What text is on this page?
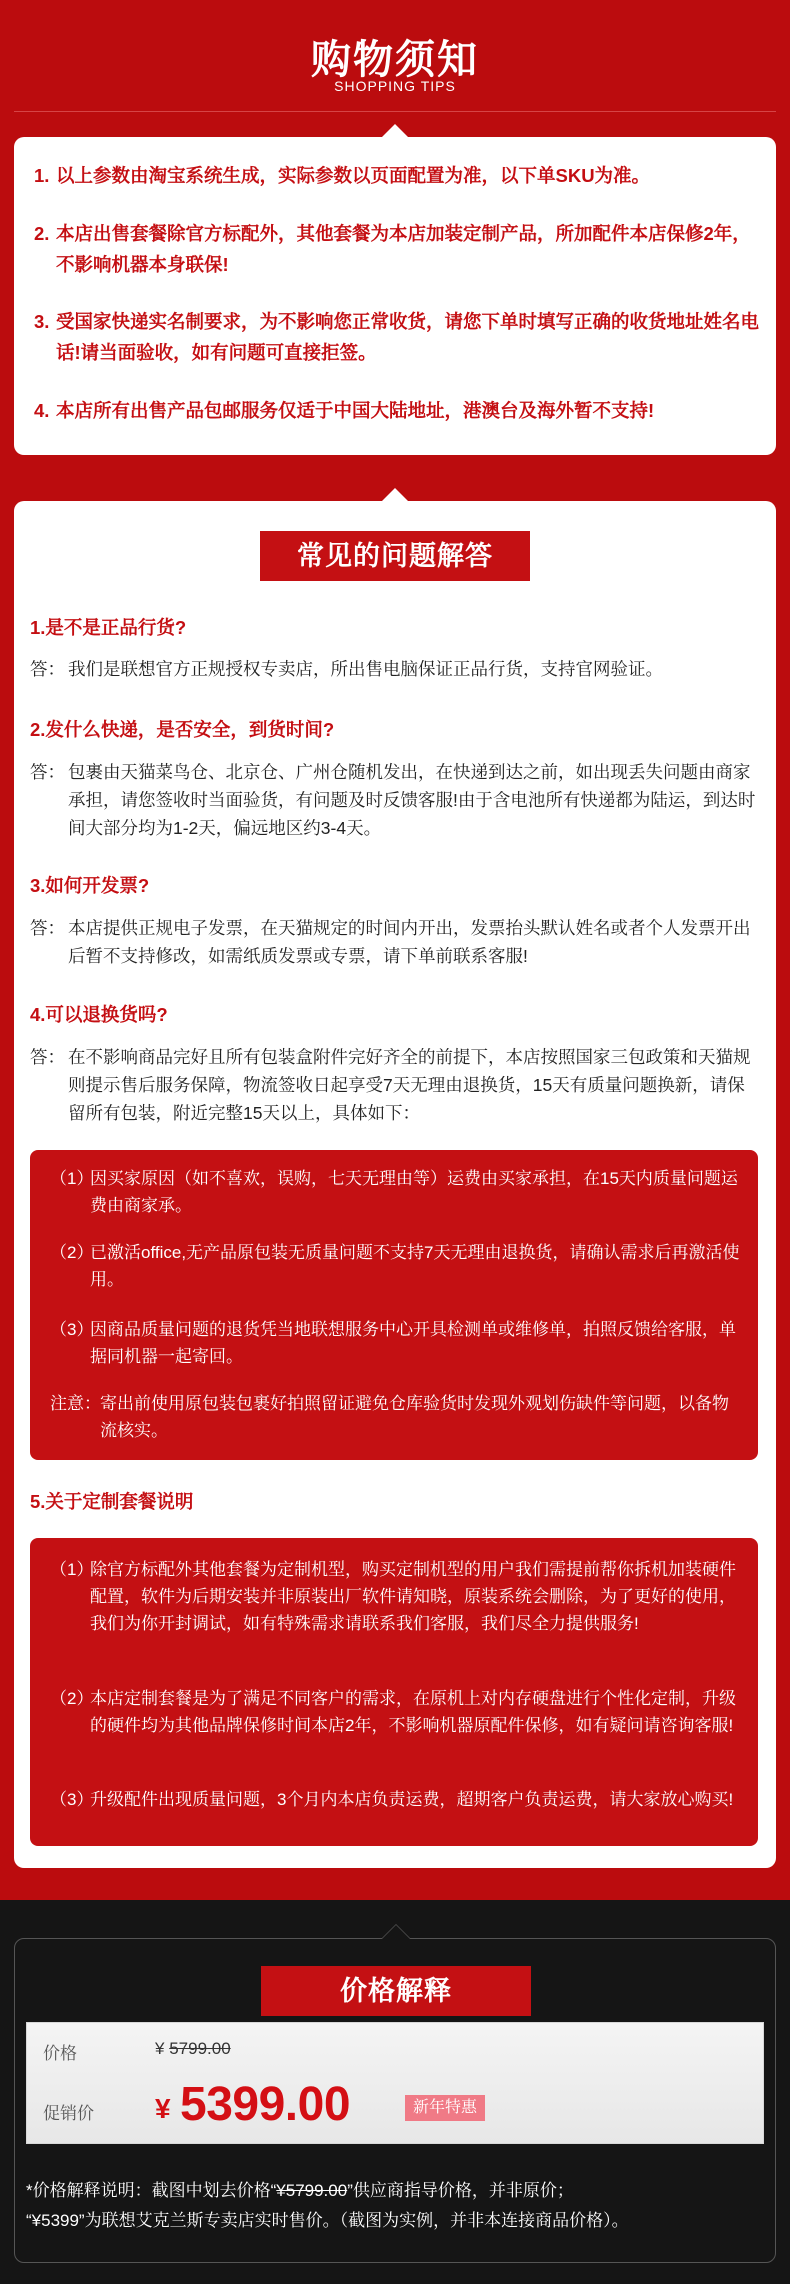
购物须知
SHOPPING TIPS
1. 以上参数由淘宝系统生成，实际参数以页面配置为准，以下单SKU为准。
2. 本店出售套餐除官方标配外，其他套餐为本店加装定制产品，所加配件本店保修2年，不影响机器本身联保!
3. 受国家快递实名制要求，为不影响您正常收货，请您下单时填写正确的收货地址姓名电话!请当面验收，如有问题可直接拒签。
4. 本店所有出售产品包邮服务仅适于中国大陆地址，港澳台及海外暂不支持!
常见的问题解答
1.是不是正品行货?
答： 我们是联想官方正规授权专卖店，所出售电脑保证正品行货，支持官网验证。
2.发什么快递，是否安全，到货时间?
答： 包裹由天猫菜鸟仓、北京仓、广州仓随机发出，在快递到达之前，如出现丢失问题由商家承担，请您签收时当面验货，有问题及时反馈客服!由于含电池所有快递都为陆运，到达时间大部分均为1-2天，偏远地区约3-4天。
3.如何开发票?
答： 本店提供正规电子发票，在天猫规定的时间内开出，发票抬头默认姓名或者个人发票开出后暂不支持修改，如需纸质发票或专票，请下单前联系客服!
4.可以退换货吗?
答： 在不影响商品完好且所有包装盒附件完好齐全的前提下，本店按照国家三包政策和天猫规则提示售后服务保障，物流签收日起享受7天无理由退换货，15天有质量问题换新，请保留所有包装，附近完整15天以上，具体如下：
（1）
因买家原因（如不喜欢，误购，七天无理由等）运费由买家承担，在15天内质量问题运费由商家承。
（2）
已激活office,无产品原包装无质量问题不支持7天无理由退换货，请确认需求后再激活使用。
（3）
因商品质量问题的退货凭当地联想服务中心开具检测单或维修单，拍照反馈给客服，单据同机器一起寄回。
注意： 寄出前使用原包装包裹好拍照留证避免仓库验货时发现外观划伤缺件等问题，以备物流核实。
5.关于定制套餐说明
（1）
除官方标配外其他套餐为定制机型，购买定制机型的用户我们需提前帮你拆机加装硬件配置，软件为后期安装并非原装出厂软件请知晓，原装系统会删除，为了更好的使用，我们为你开封调试，如有特殊需求请联系我们客服，我们尽全力提供服务!
（2）
本店定制套餐是为了满足不同客户的需求，在原机上对内存硬盘进行个性化定制，升级的硬件均为其他品牌保修时间本店2年，不影响机器原配件保修，如有疑问请咨询客服!
（3）
升级配件出现质量问题，3个月内本店负责运费，超期客户负责运费，请大家放心购买!
价格解释
价格	¥ 5799.00
促销价 ¥ 5399.00	新年特惠
*价格解释说明：截图中划去价格“¥5799.00”供应商指导价格，并非原价；
“¥5399”为联想艾克兰斯专卖店实时售价。（截图为实例，并非本连接商品价格）。
